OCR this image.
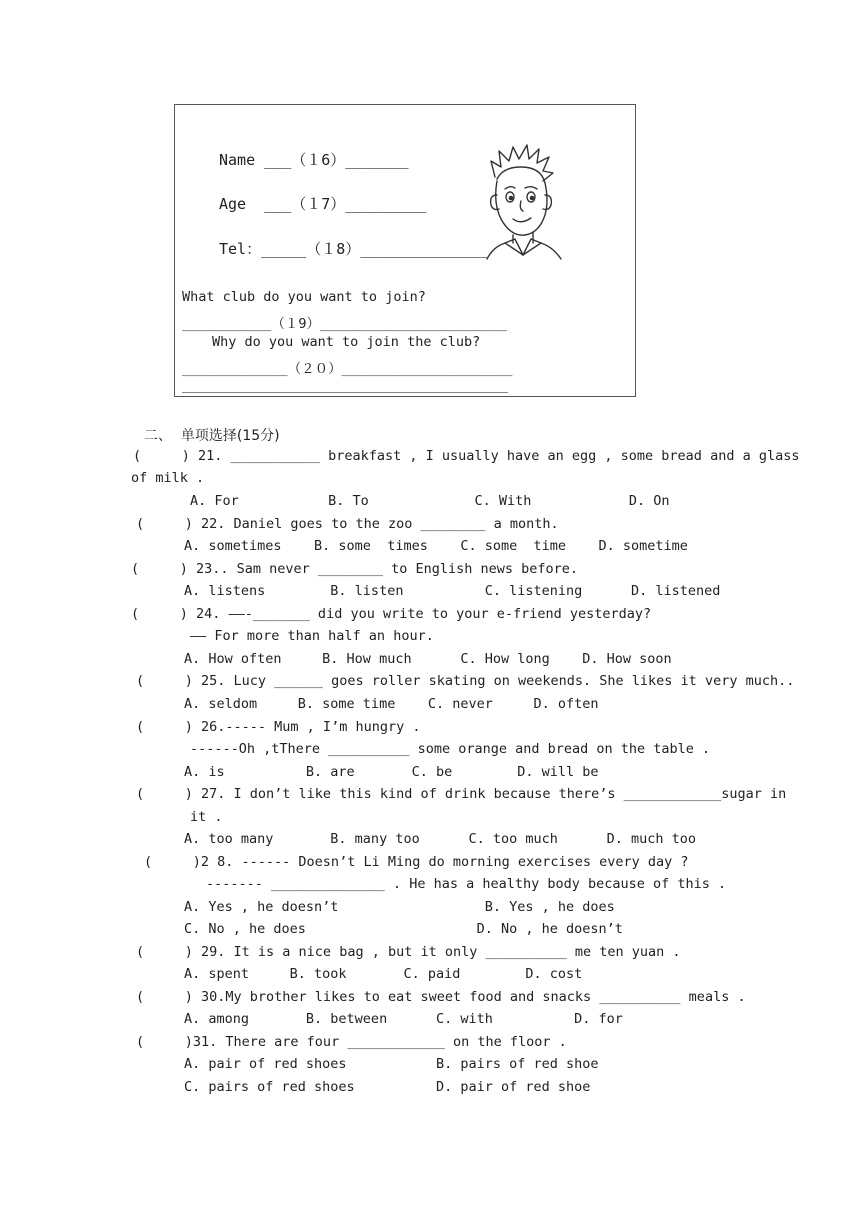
Name ___（１6）_______
Age  ___（１7）_________
Tel：_____（１8）______________
What club do you want to join?
___________（１9）_______________________
Why do you want to join the club?
_____________（２０）_____________________
二、  单项选择(15分)
(     ) 21. ___________ breakfast , I usually have an egg , some bread and a glass
of milk .
A. For           B. To             C. With            D. On
(     ) 22. Daniel goes to the zoo ________ a month.
A. sometimes    B. some  times    C. some  time    D. sometime
(     ) 23.. Sam never ________ to English news before.
A. listens        B. listen          C. listening      D. listened
(     ) 24. ——-_______ did you write to your e-friend yesterday?
—— For more than half an hour.
A. How often     B. How much      C. How long    D. How soon
(     ) 25. Lucy ______ goes roller skating on weekends. She likes it very much..
A. seldom     B. some time    C. never     D. often
(     ) 26.----- Mum , I’m hungry .
------Oh ,tThere __________ some orange and bread on the table .
A. is          B. are       C. be        D. will be
(     ) 27. I don’t like this kind of drink because there’s ____________sugar in
it .
A. too many       B. many too      C. too much      D. much too
(     )2 8. ------ Doesn’t Li Ming do morning exercises every day ?
------- ______________ . He has a healthy body because of this .
A. Yes , he doesn’t                  B. Yes , he does
C. No , he does                     D. No , he doesn’t
(     ) 29. It is a nice bag , but it only __________ me ten yuan .
A. spent     B. took       C. paid        D. cost
(     ) 30.My brother likes to eat sweet food and snacks __________ meals .
A. among       B. between      C. with          D. for
(     )31. There are four ____________ on the floor .
A. pair of red shoes           B. pairs of red shoe
C. pairs of red shoes          D. pair of red shoe
